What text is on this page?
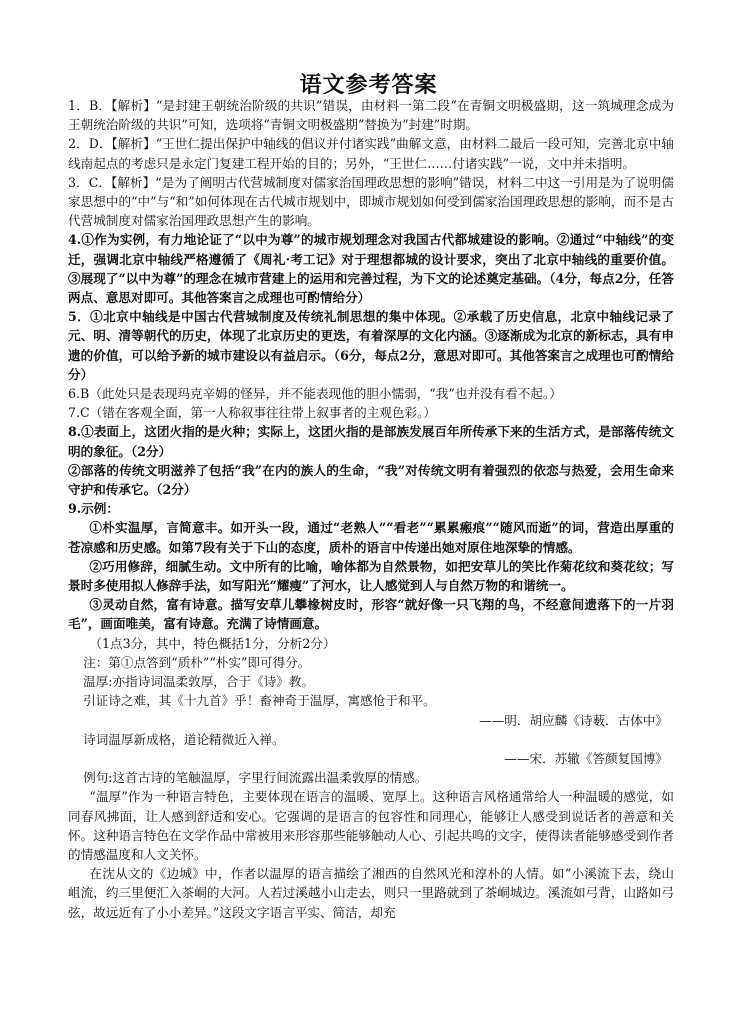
语文参考答案

1．B．【解析】“是封建王朝统治阶级的共识”错误，由材料一第二段“在青铜文明极盛期，这一筑城理念成为王朝统治阶级的共识”可知，选项将“青铜文明极盛期”替换为“封建”时期。

2．D．【解析】“王世仁提出保护中轴线的倡议并付诸实践”曲解文意，由材料二最后一段可知，完善北京中轴线南起点的考虑只是永定门复建工程开始的目的；另外，“王世仁……付诸实践”一说，文中并未指明。

3．C．【解析】“是为了阐明古代营城制度对儒家治国理政思想的影响”错误，材料二中这一引用是为了说明儒家思想中的“中”与“和”如何体现在古代城市规划中，即城市规划如何受到儒家治国理政思想的影响，而不是古代营城制度对儒家治国理政思想产生的影响。

4.①作为实例，有力地论证了“以中为尊”的城市规划理念对我国古代都城建设的影响。②通过“中轴线”的变迁，强调北京中轴线严格遵循了《周礼·考工记》对于理想都城的设计要求，突出了北京中轴线的重要价值。③展现了“以中为尊”的理念在城市营建上的运用和完善过程，为下文的论述奠定基础。（4分，每点2分，任答两点、意思对即可。其他答案言之成理也可酌情给分）

5．①北京中轴线是中国古代营城制度及传统礼制思想的集中体现。②承载了历史信息，北京中轴线记录了元、明、清等朝代的历史，体现了北京历史的更迭，有着深厚的文化内涵。③逐渐成为北京的新标志，具有申遗的价值，可以给予新的城市建设以有益启示。（6分，每点2分，意思对即可。其他答案言之成理也可酌情给分）

6.B（此处只是表现玛克辛姆的怪异，并不能表现他的胆小懦弱，“我”也并没有看不起。）

7.C（错在客观全面，第一人称叙事往往带上叙事者的主观色彩。）

8.①表面上，这团火指的是火种；实际上，这团火指的是部族发展百年所传承下来的生活方式，是部落传统文明的象征。（2分）

②部落的传统文明滋养了包括“我”在内的族人的生命，“我”对传统文明有着强烈的依恋与热爱，会用生命来守护和传承它。（2分）

9.示例：

①朴实温厚，言简意丰。如开头一段，通过“老熟人”“看老”“累累瘢痕”“随风而逝”的词，营造出厚重的苍凉感和历史感。如第7段有关于下山的态度，质朴的语言中传递出她对原住地深挚的情感。

②巧用修辞，细腻生动。文中所有的比喻，喻体都为自然景物，如把安草儿的笑比作菊花纹和葵花纹；写景时多使用拟人修辞手法，如写阳光“耀瘦”了河水，让人感觉到人与自然万物的和谐统一。

③灵动自然，富有诗意。描写安草儿攀椽树皮时，形容“就好像一只飞翔的鸟，不经意间遗落下的一片羽毛”，画面唯美，富有诗意。充满了诗情画意。

（1点3分，其中，特色概括1分，分析2分）

注：第①点答到“质朴”“朴实”即可得分。

温厚:亦指诗词温柔敦厚，合于《诗》教。

引证诗之难，其《十九首》乎！畜神奇于温厚，寓感怆于和平。

——明．胡应麟《诗薮．古体中》

诗词温厚新成格，道论精微近入禅。

——宋．苏辙《答颜复国博》

例句:这首古诗的笔触温厚，字里行间流露出温柔敦厚的情感。

“温厚”作为一种语言特色，主要体现在语言的温暖、宽厚上。这种语言风格通常给人一种温暖的感觉，如同春风拂面，让人感到舒适和安心。它强调的是语言的包容性和同理心，能够让人感受到说话者的善意和关怀。这种语言特色在文学作品中常被用来形容那些能够触动人心、引起共鸣的文字，使得读者能够感受到作者的情感温度和人文关怀。

在沈从文的《边城》中，作者以温厚的语言描绘了湘西的自然风光和淳朴的人情。如“小溪流下去，绕山岨流，约三里便汇入茶峒的大河。人若过溪越小山走去，则只一里路就到了茶峒城边。溪流如弓背，山路如弓弦，故远近有了小小差异。”这段文字语言平实、简洁，却充
